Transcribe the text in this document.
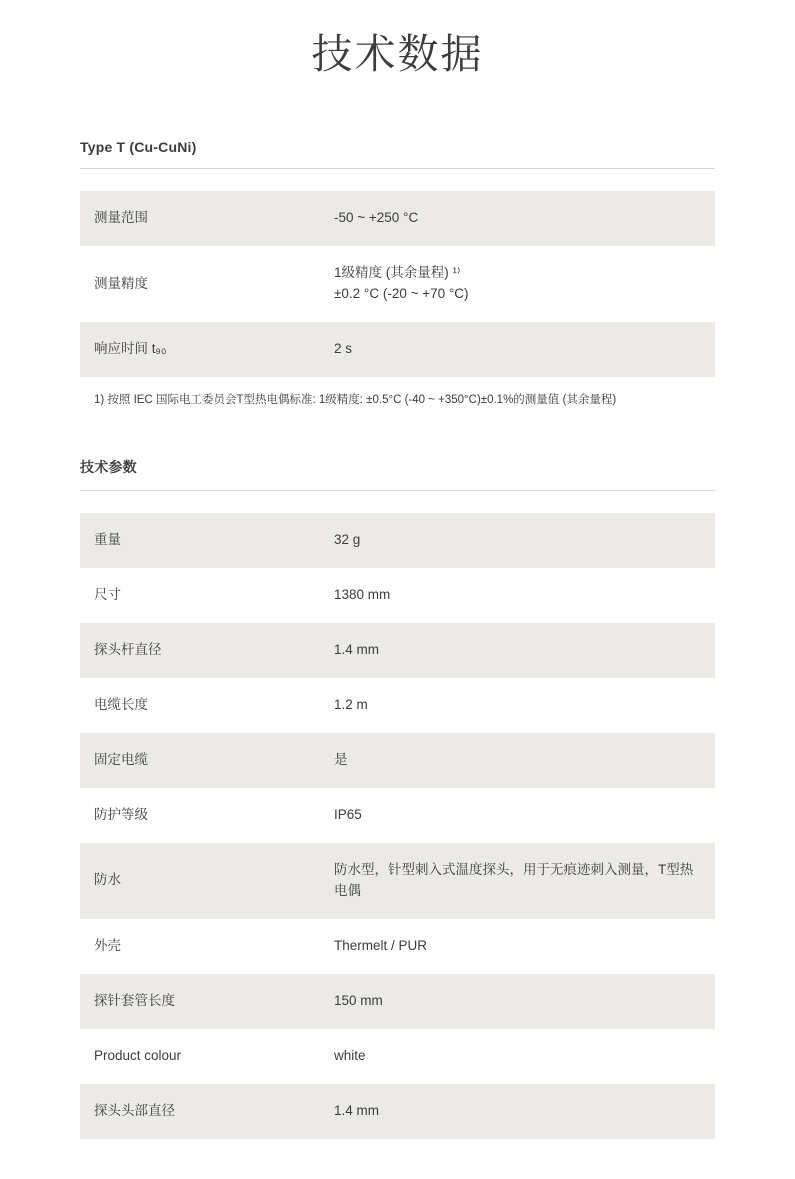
技术数据
Type T (Cu-CuNi)
测量范围	-50 ~ +250 °C

测量精度	1级精度 (其余量程) ¹⁾
±0.2 °C (-20 ~ +70 °C)

响应时间 t₉₀	2 s
1) 按照 IEC 国际电工委员会T型热电偶标准: 1级精度: ±0.5°C (-40 ~ +350°C)±0.1%的测量值 (其余量程)
技术参数
重量	32 g
尺寸	1380 mm
探头杆直径	1.4 mm
电缆长度	1.2 m
固定电缆	是
防护等级	IP65
防水	防水型，针型刺入式温度探头，用于无痕迹刺入测量，T型热电偶
外壳	Thermelt / PUR
探针套管长度	150 mm
Product colour	white
探头头部直径	1.4 mm
